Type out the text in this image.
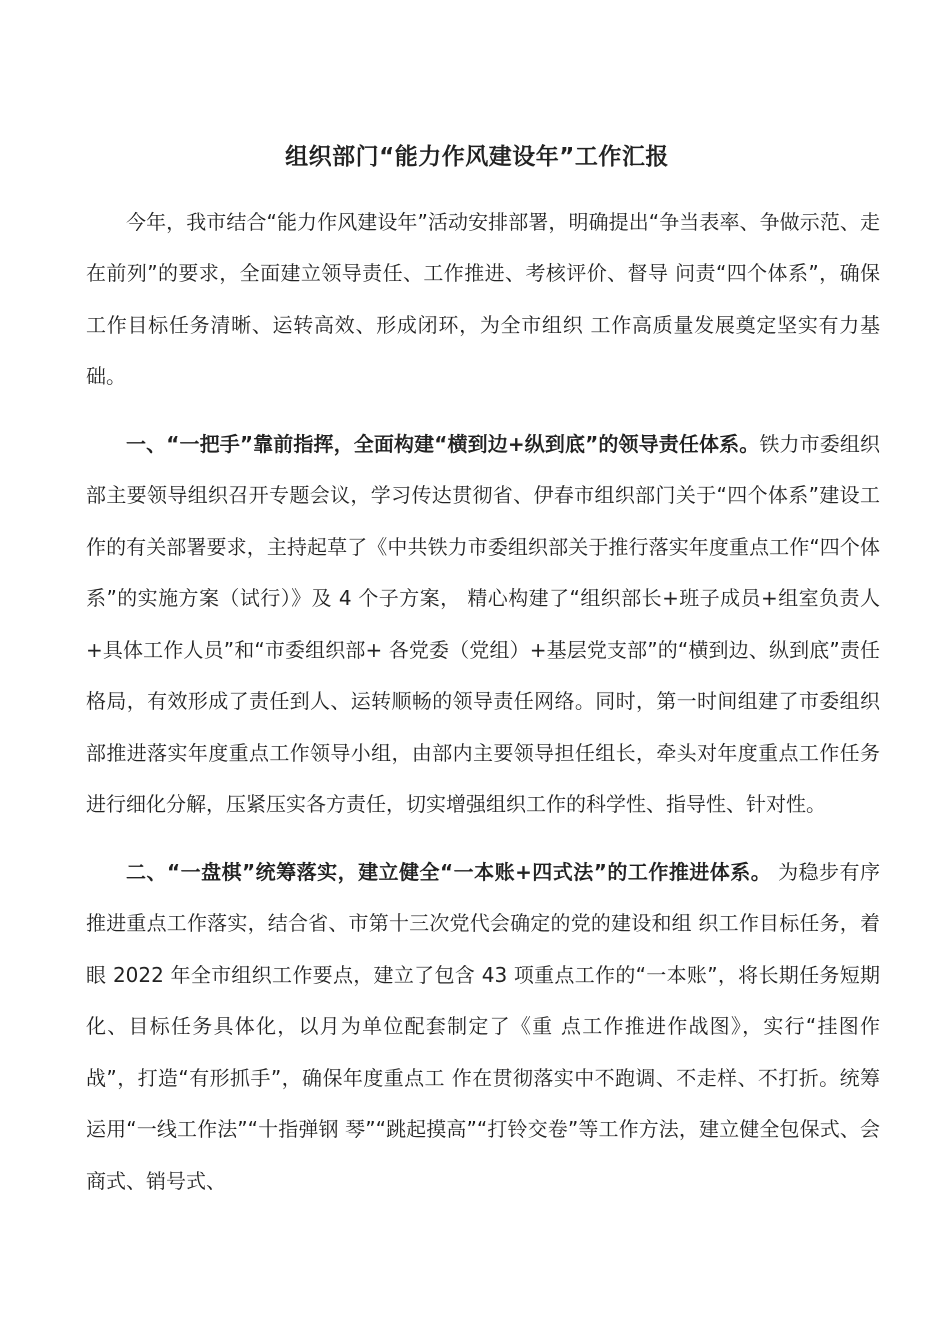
组织部门“能力作风建设年”工作汇报

今年，我市结合“能力作风建设年”活动安排部署，明确提出“争当表率、争做示范、走在前列”的要求，全面建立领导责任、工作推进、考核评价、督导 问责“四个体系”，确保工作目标任务清晰、运转高效、形成闭环，为全市组织 工作高质量发展奠定坚实有力基础。

一、“一把手”靠前指挥，全面构建“横到边+纵到底”的领导责任体系。铁力市委组织部主要领导组织召开专题会议，学习传达贯彻省、伊春市组织部门关于“四个体系”建设工作的有关部署要求，主持起草了《中共铁力市委组织部关于推行落实年度重点工作“四个体系”的实施方案（试行）》及 4 个子方案， 精心构建了“组织部长+班子成员+组室负责人+具体工作人员”和“市委组织部+ 各党委（党组）+基层党支部”的“横到边、纵到底”责任格局，有效形成了责任到人、运转顺畅的领导责任网络。同时，第一时间组建了市委组织部推进落实年度重点工作领导小组，由部内主要领导担任组长，牵头对年度重点工作任务进行细化分解，压紧压实各方责任，切实增强组织工作的科学性、指导性、针对性。

二、“一盘棋”统筹落实，建立健全“一本账+四式法”的工作推进体系。 为稳步有序推进重点工作落实，结合省、市第十三次党代会确定的党的建设和组 织工作目标任务，着眼 2022 年全市组织工作要点，建立了包含 43 项重点工作的“一本账”，将长期任务短期化、目标任务具体化，以月为单位配套制定了《重 点工作推进作战图》，实行“挂图作战”，打造“有形抓手”，确保年度重点工 作在贯彻落实中不跑调、不走样、不打折。统筹运用“一线工作法”“十指弹钢 琴”“跳起摸高”“打铃交卷”等工作方法，建立健全包保式、会商式、销号式、
